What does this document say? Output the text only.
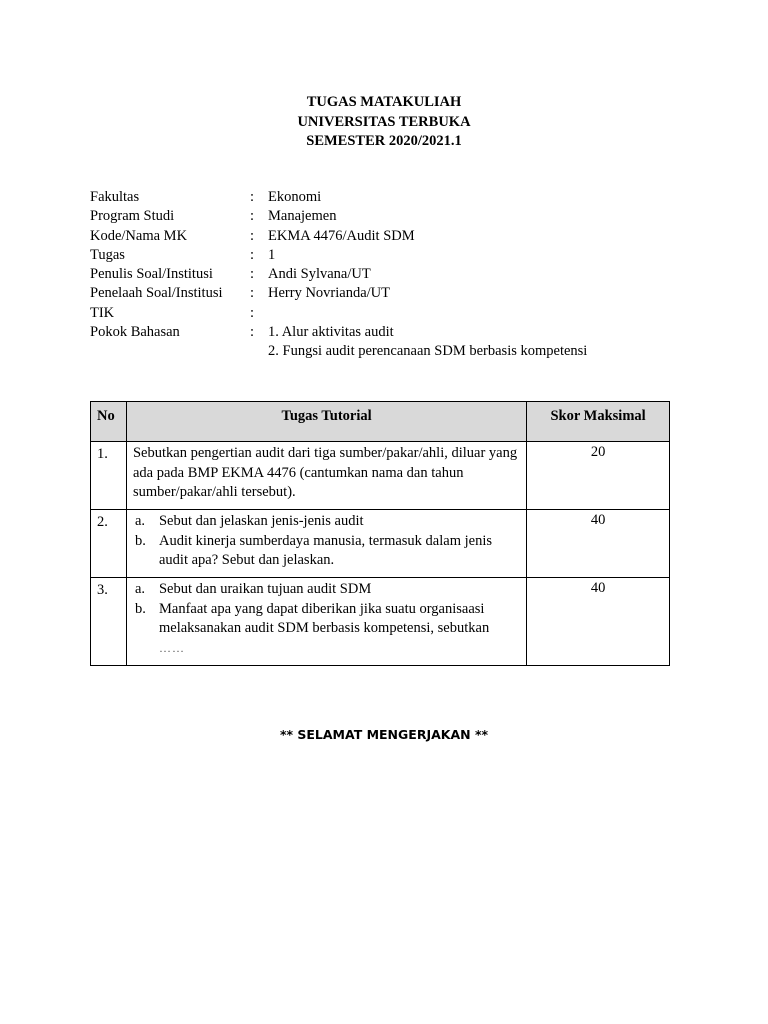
TUGAS MATAKULIAH
UNIVERSITAS TERBUKA
SEMESTER 2020/2021.1
Fakultas	: Ekonomi
Program Studi	: Manajemen
Kode/Nama MK	: EKMA 4476/Audit SDM
Tugas	: 1
Penulis Soal/Institusi	: Andi Sylvana/UT
Penelaah Soal/Institusi	: Herry Novrianda/UT
TIK	:
Pokok Bahasan	: 1. Alur aktivitas audit
2. Fungsi audit perencanaan SDM berbasis kompetensi
No	Tugas Tutorial	Skor Maksimal
1.	Sebutkan pengertian audit dari tiga sumber/pakar/ahli, diluar yang ada pada BMP EKMA 4476 (cantumkan nama dan tahun sumber/pakar/ahli tersebut).	20
2.	a. Sebut dan jelaskan jenis-jenis audit
b. Audit kinerja sumberdaya manusia, termasuk dalam jenis audit apa? Sebut dan jelaskan.	40
3.	a. Sebut dan uraikan tujuan audit SDM
b. Manfaat apa yang dapat diberikan jika suatu organisaasi melaksanakan audit SDM berbasis kompetensi, sebutkan
……	40
** SELAMAT MENGERJAKAN **
